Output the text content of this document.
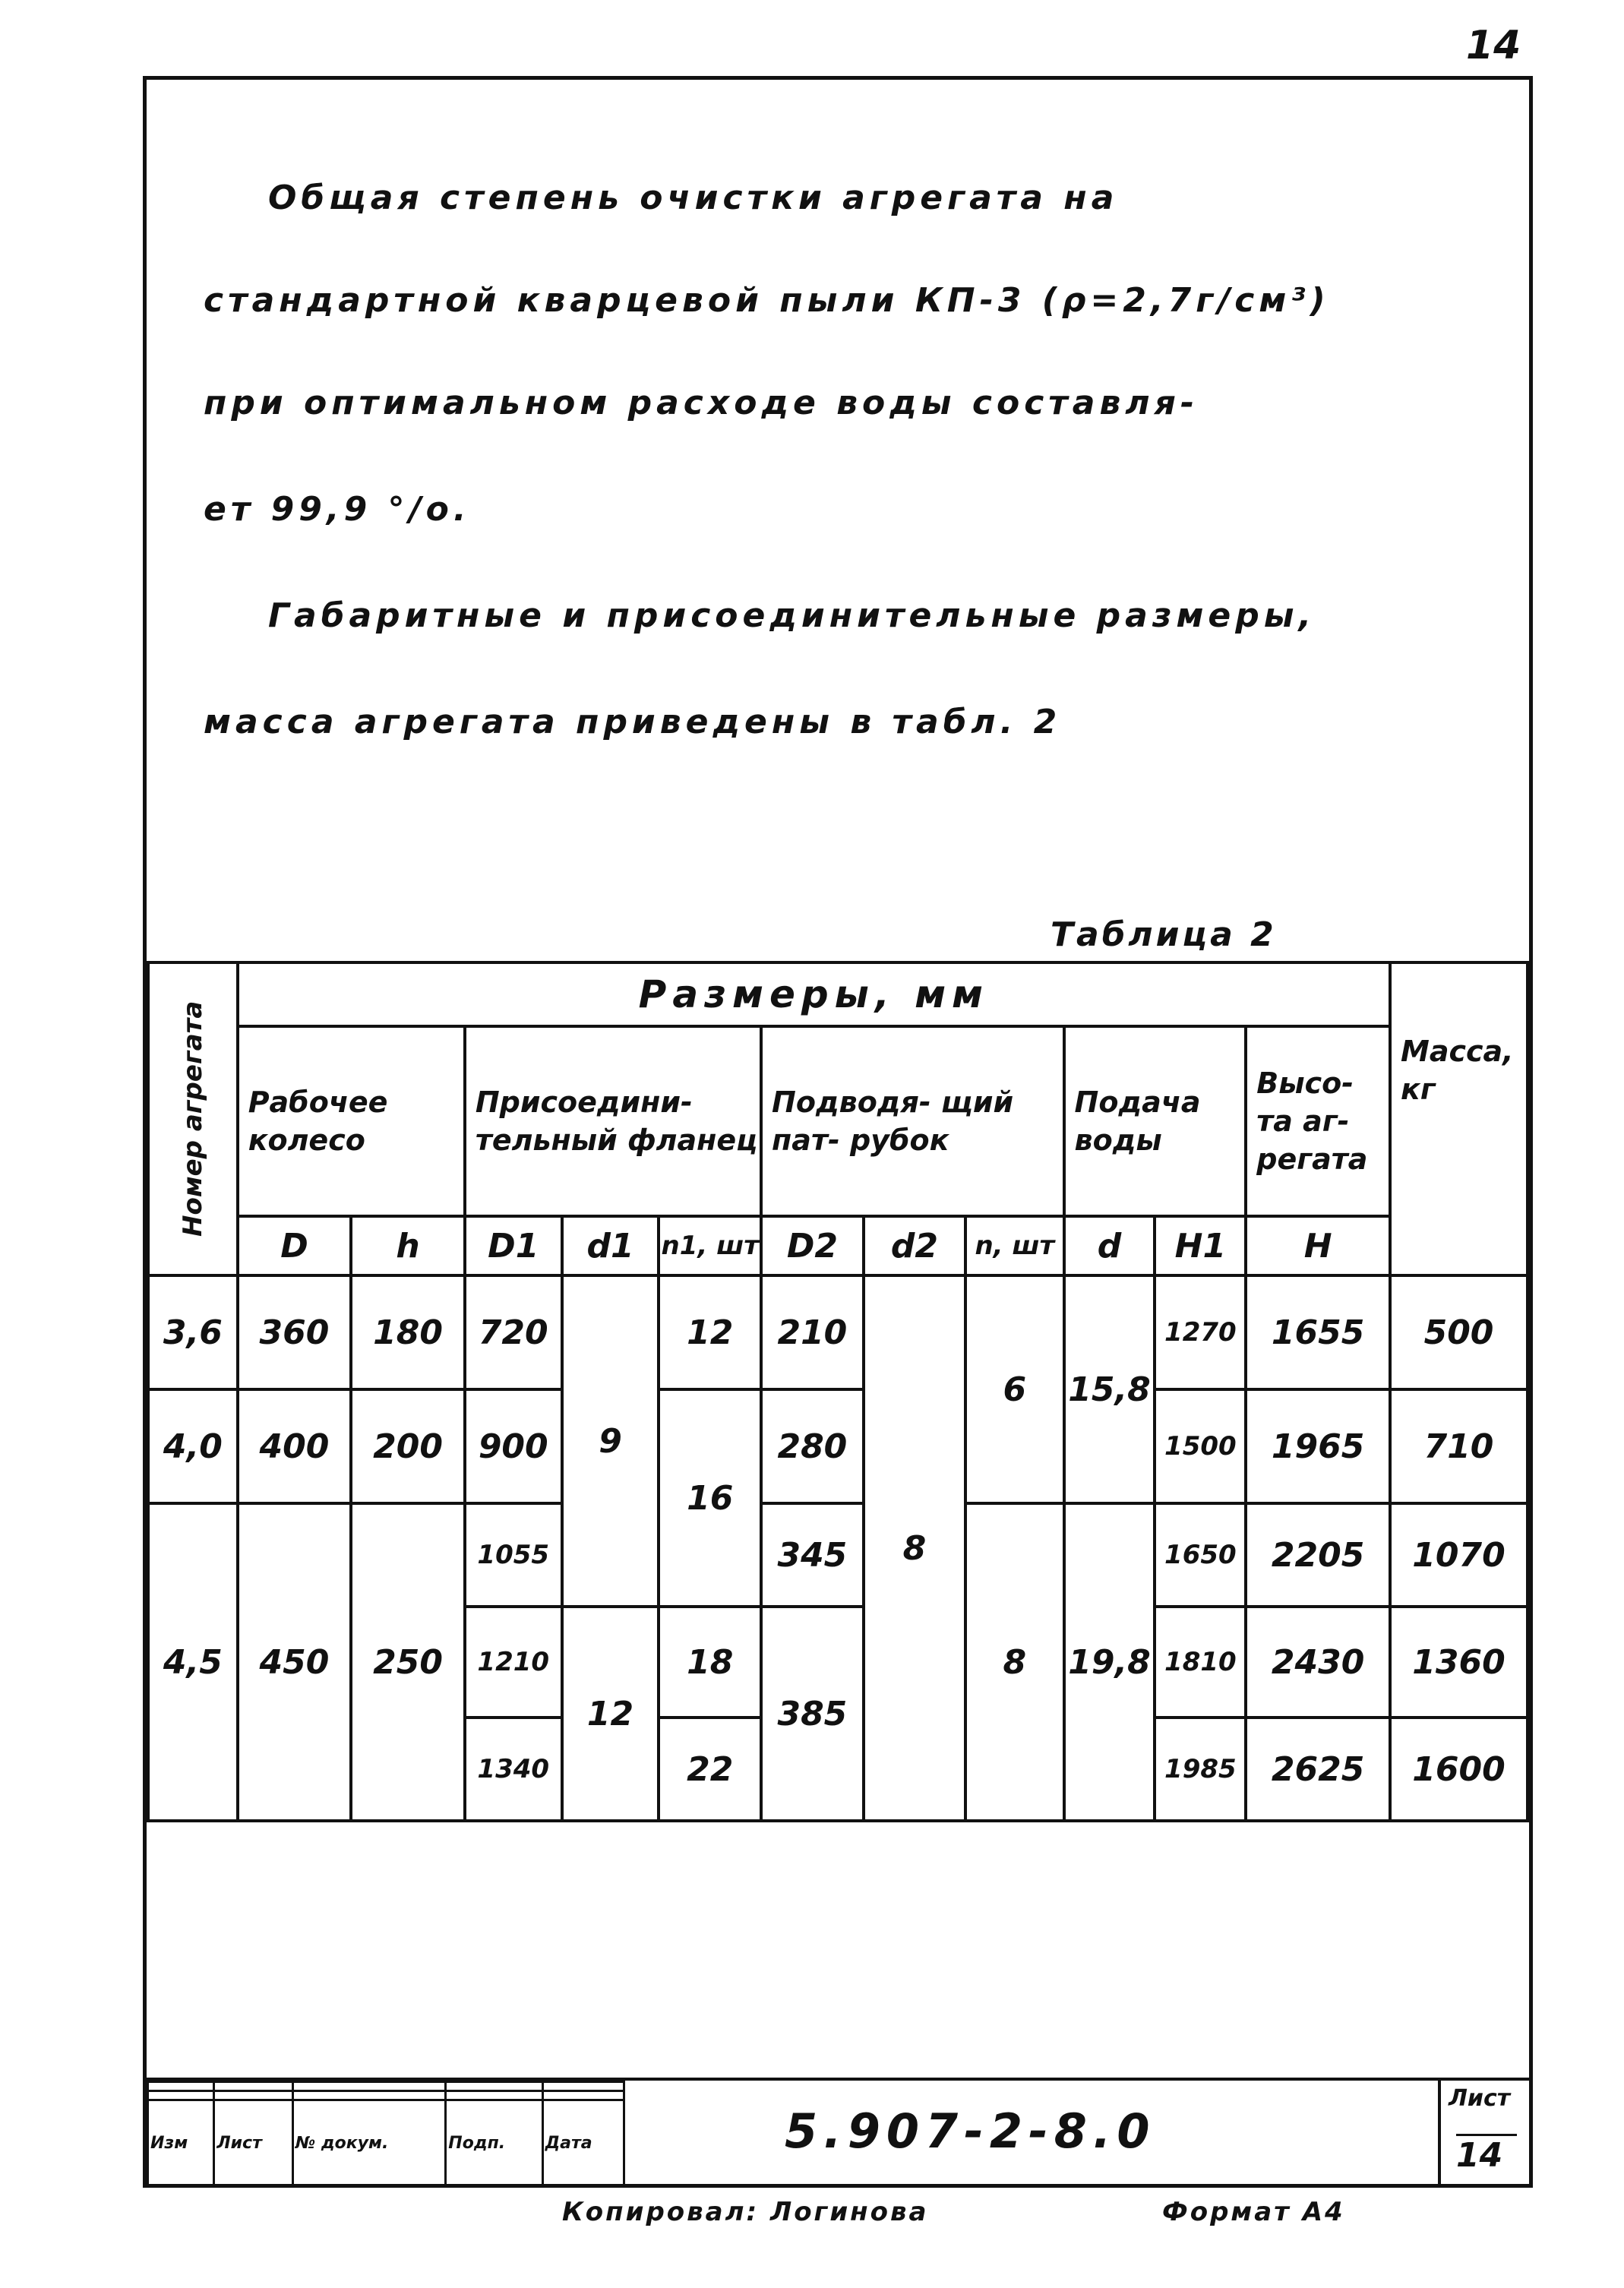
14
Общая степень очистки агрегата на
стандартной кварцевой пыли КП-3 (ρ=2,7г/см³)
при оптимальном расходе воды составля-
ет 99,9 °/о.
Габаритные и присоединительные размеры,
масса агрегата приведены в табл. 2
Таблица 2
Номер агрегата	Размеры, мм											Масса, кг
	Рабочее колесо		Присоедини- тельный фланец			Подводя- щий пат- рубок			Подача воды		Высо- та аг- регата	
	D	h	D1	d1	n1, шт	D2	d2	n, шт	d	H1	H	
3,6	360	180	720	9	12	210	8	6	15,8	1270	1655	500
4,0	400	200	900		16	280				1500	1965	710
4,5	450	250	1055			345		8	19,8	1650	2205	1070
			1210	12	18	385				1810	2430	1360
			1340		22					1985	2625	1600

Изм	Лист	№ докум.	Подп.	Дата	5.907-2-8.0
Лист
14
Копировал: Логинова	Формат А4
